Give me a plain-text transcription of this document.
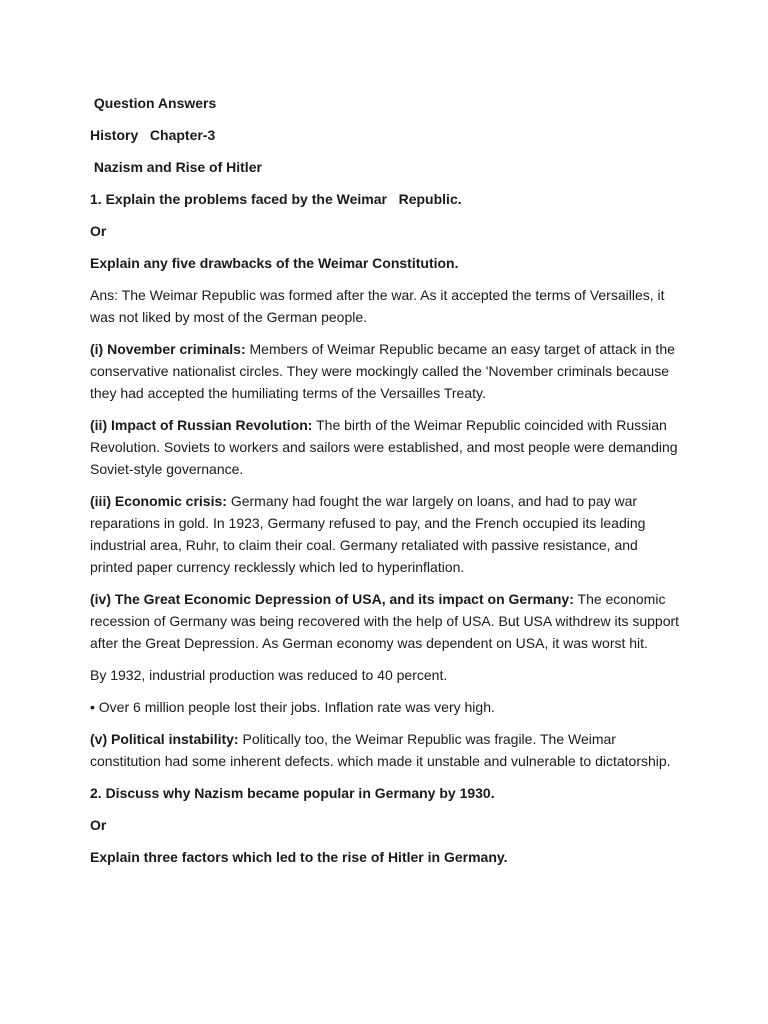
Question Answers
History   Chapter-3
Nazism and Rise of Hitler
1. Explain the problems faced by the Weimar   Republic.
Or
Explain any five drawbacks of the Weimar Constitution.

Ans: The Weimar Republic was formed after the war. As it accepted the terms of Versailles, it was not liked by most of the German people.

(i) November criminals: Members of Weimar Republic became an easy target of attack in the conservative nationalist circles. They were mockingly called the 'November criminals because they had accepted the humiliating terms of the Versailles Treaty.

(ii) Impact of Russian Revolution: The birth of the Weimar Republic coincided with Russian Revolution. Soviets to workers and sailors were established, and most people were demanding Soviet-style governance.

(iii) Economic crisis: Germany had fought the war largely on loans, and had to pay war reparations in gold. In 1923, Germany refused to pay, and the French occupied its leading industrial area, Ruhr, to claim their coal. Germany retaliated with passive resistance, and printed paper currency recklessly which led to hyperinflation.

(iv) The Great Economic Depression of USA, and its impact on Germany: The economic recession of Germany was being recovered with the help of USA. But USA withdrew its support after the Great Depression. As German economy was dependent on USA, it was worst hit.

By 1932, industrial production was reduced to 40 percent.

• Over 6 million people lost their jobs. Inflation rate was very high.

(v) Political instability: Politically too, the Weimar Republic was fragile. The Weimar constitution had some inherent defects. which made it unstable and vulnerable to dictatorship.

2. Discuss why Nazism became popular in Germany by 1930.
Or
Explain three factors which led to the rise of Hitler in Germany.
